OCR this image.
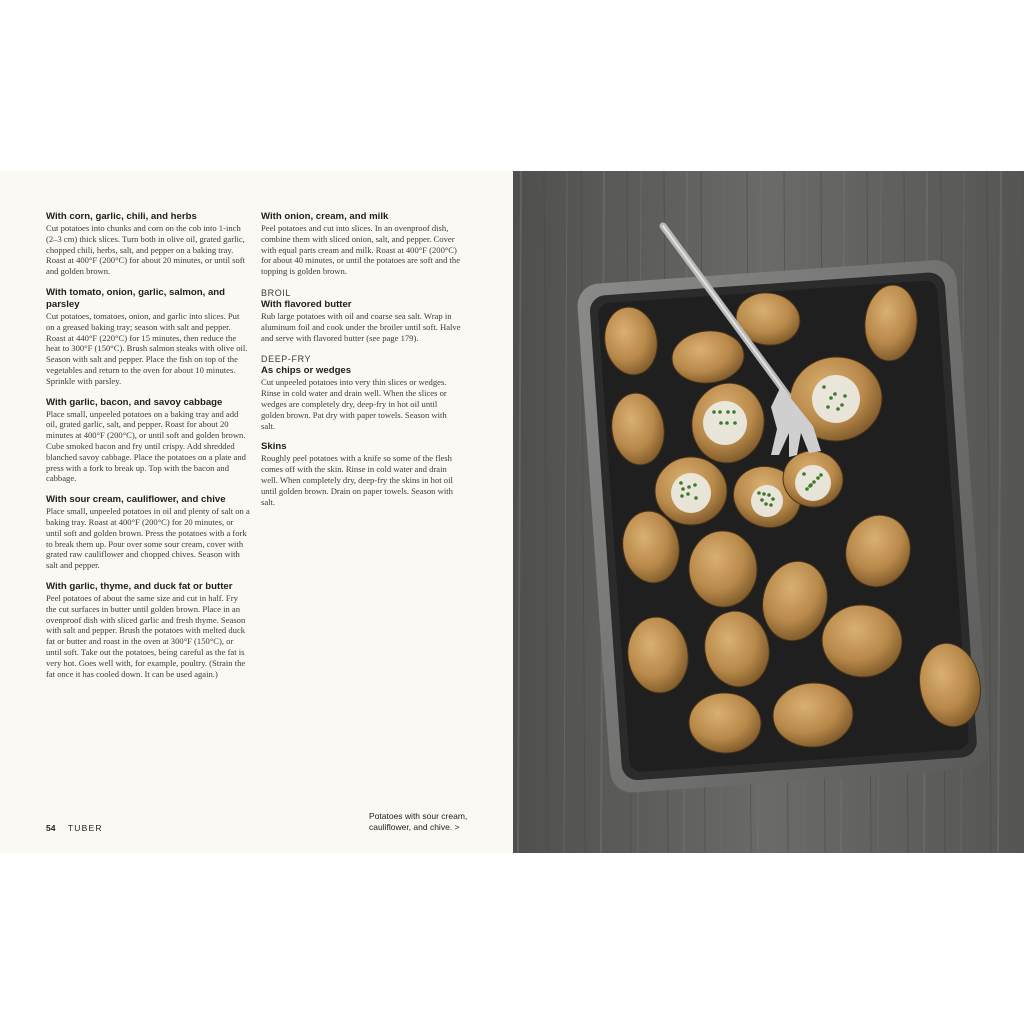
With corn, garlic, chili, and herbs

Cut potatoes into chunks and corn on the cob into 1-inch (2–3 cm) thick slices. Turn both in olive oil, grated garlic, chopped chili, herbs, salt, and pepper on a baking tray. Roast at 400°F (200°C) for about 20 minutes, or until soft and golden brown.

With tomato, onion, garlic, salmon, and parsley

Cut potatoes, tomatoes, onion, and garlic into slices. Put on a greased baking tray; season with salt and pepper. Roast at 440°F (220°C) for 15 minutes, then reduce the heat to 300°F (150°C). Brush salmon steaks with olive oil. Season with salt and pepper. Place the fish on top of the vegetables and return to the oven for about 10 minutes. Sprinkle with parsley.

With garlic, bacon, and savoy cabbage

Place small, unpeeled potatoes on a baking tray and add oil, grated garlic, salt, and pepper. Roast for about 20 minutes at 400°F (200°C), or until soft and golden brown. Cube smoked bacon and fry until crispy. Add shredded blanched savoy cabbage. Place the potatoes on a plate and press with a fork to break up. Top with the bacon and cabbage.

With sour cream, cauliflower, and chive

Place small, unpeeled potatoes in oil and plenty of salt on a baking tray. Roast at 400°F (200°C) for 20 minutes, or until soft and golden brown. Press the potatoes with a fork to break them up. Pour over some sour cream, cover with grated raw cauliflower and chopped chives. Season with salt and pepper.

With garlic, thyme, and duck fat or butter

Peel potatoes of about the same size and cut in half. Fry the cut surfaces in butter until golden brown. Place in an ovenproof dish with sliced garlic and fresh thyme. Season with salt and pepper. Brush the potatoes with melted duck fat or butter and roast in the oven at 300°F (150°C), or until soft. Take out the potatoes, being careful as the fat is very hot. Goes well with, for example, poultry. (Strain the fat once it has cooled down. It can be used again.)

With onion, cream, and milk

Peel potatoes and cut into slices. In an ovenproof dish, combine them with sliced onion, salt, and pepper. Cover with equal parts cream and milk. Roast at 400°F (200°C) for about 40 minutes, or until the potatoes are soft and the topping is golden brown.

BROIL

With flavored butter

Rub large potatoes with oil and coarse sea salt. Wrap in aluminum foil and cook under the broiler until soft. Halve and serve with flavored butter (see page 179).

DEEP-FRY

As chips or wedges

Cut unpeeled potatoes into very thin slices or wedges. Rinse in cold water and drain well. When the slices or wedges are completely dry, deep-fry in hot oil until golden brown. Pat dry with paper towels. Season with salt.

Skins

Roughly peel potatoes with a knife so some of the flesh comes off with the skin. Rinse in cold water and drain well. When completely dry, deep-fry the skins in hot oil until golden brown. Drain on paper towels. Season with salt.

54 TUBER
Potatoes with sour cream, cauliflower, and chive. >
